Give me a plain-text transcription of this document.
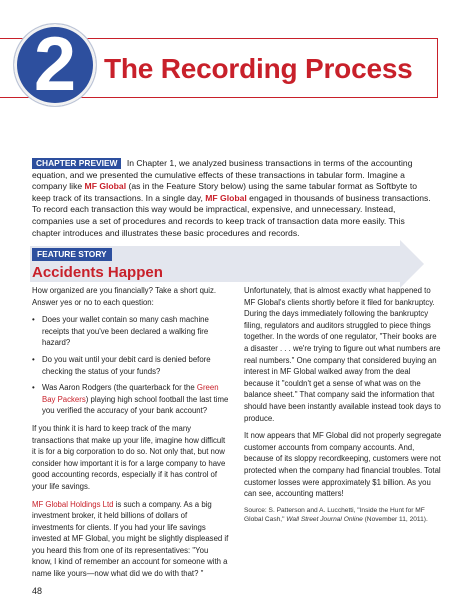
2 The Recording Process
CHAPTER PREVIEW In Chapter 1, we analyzed business transactions in terms of the accounting equation, and we presented the cumulative effects of these transactions in tabular form. Imagine a company like MF Global (as in the Feature Story below) using the same tabular format as Softbyte to keep track of its transactions. In a single day, MF Global engaged in thousands of business transactions. To record each transaction this way would be impractical, expensive, and unnecessary. Instead, companies use a set of procedures and records to keep track of transaction data more easily. This chapter introduces and illustrates these basic procedures and records.
FEATURE STORY
Accidents Happen

How organized are you financially? Take a short quiz. Answer yes or no to each question:

• Does your wallet contain so many cash machine receipts that you've been declared a walking fire hazard?
• Do you wait until your debit card is denied before checking the status of your funds?
• Was Aaron Rodgers (the quarterback for the Green Bay Packers) playing high school football the last time you verified the accuracy of your bank account?

If you think it is hard to keep track of the many transactions that make up your life, imagine how difficult it is for a big corporation to do so. Not only that, but now consider how important it is for a large company to have good accounting records, especially if it has control of your life savings.

MF Global Holdings Ltd is such a company. As a big investment broker, it held billions of dollars of investments for clients. If you had your life savings invested at MF Global, you might be slightly displeased if you heard this from one of its representatives: "You know, I kind of remember an account for someone with a name like yours—now what did we do with that? "

Unfortunately, that is almost exactly what happened to MF Global's clients shortly before it filed for bankruptcy. During the days immediately following the bankruptcy filing, regulators and auditors struggled to piece things together. In the words of one regulator, "Their books are a disaster . . . we're trying to figure out what numbers are real numbers." One company that considered buying an interest in MF Global walked away from the deal because it "couldn't get a sense of what was on the balance sheet." That company said the information that should have been instantly available instead took days to produce.

It now appears that MF Global did not properly segregate customer accounts from company accounts. And, because of its sloppy recordkeeping, customers were not protected when the company had financial troubles. Total customer losses were approximately $1 billion. As you can see, accounting matters!

Source: S. Patterson and A. Lucchetti, "Inside the Hunt for MF Global Cash," Wall Street Journal Online (November 11, 2011).

48
